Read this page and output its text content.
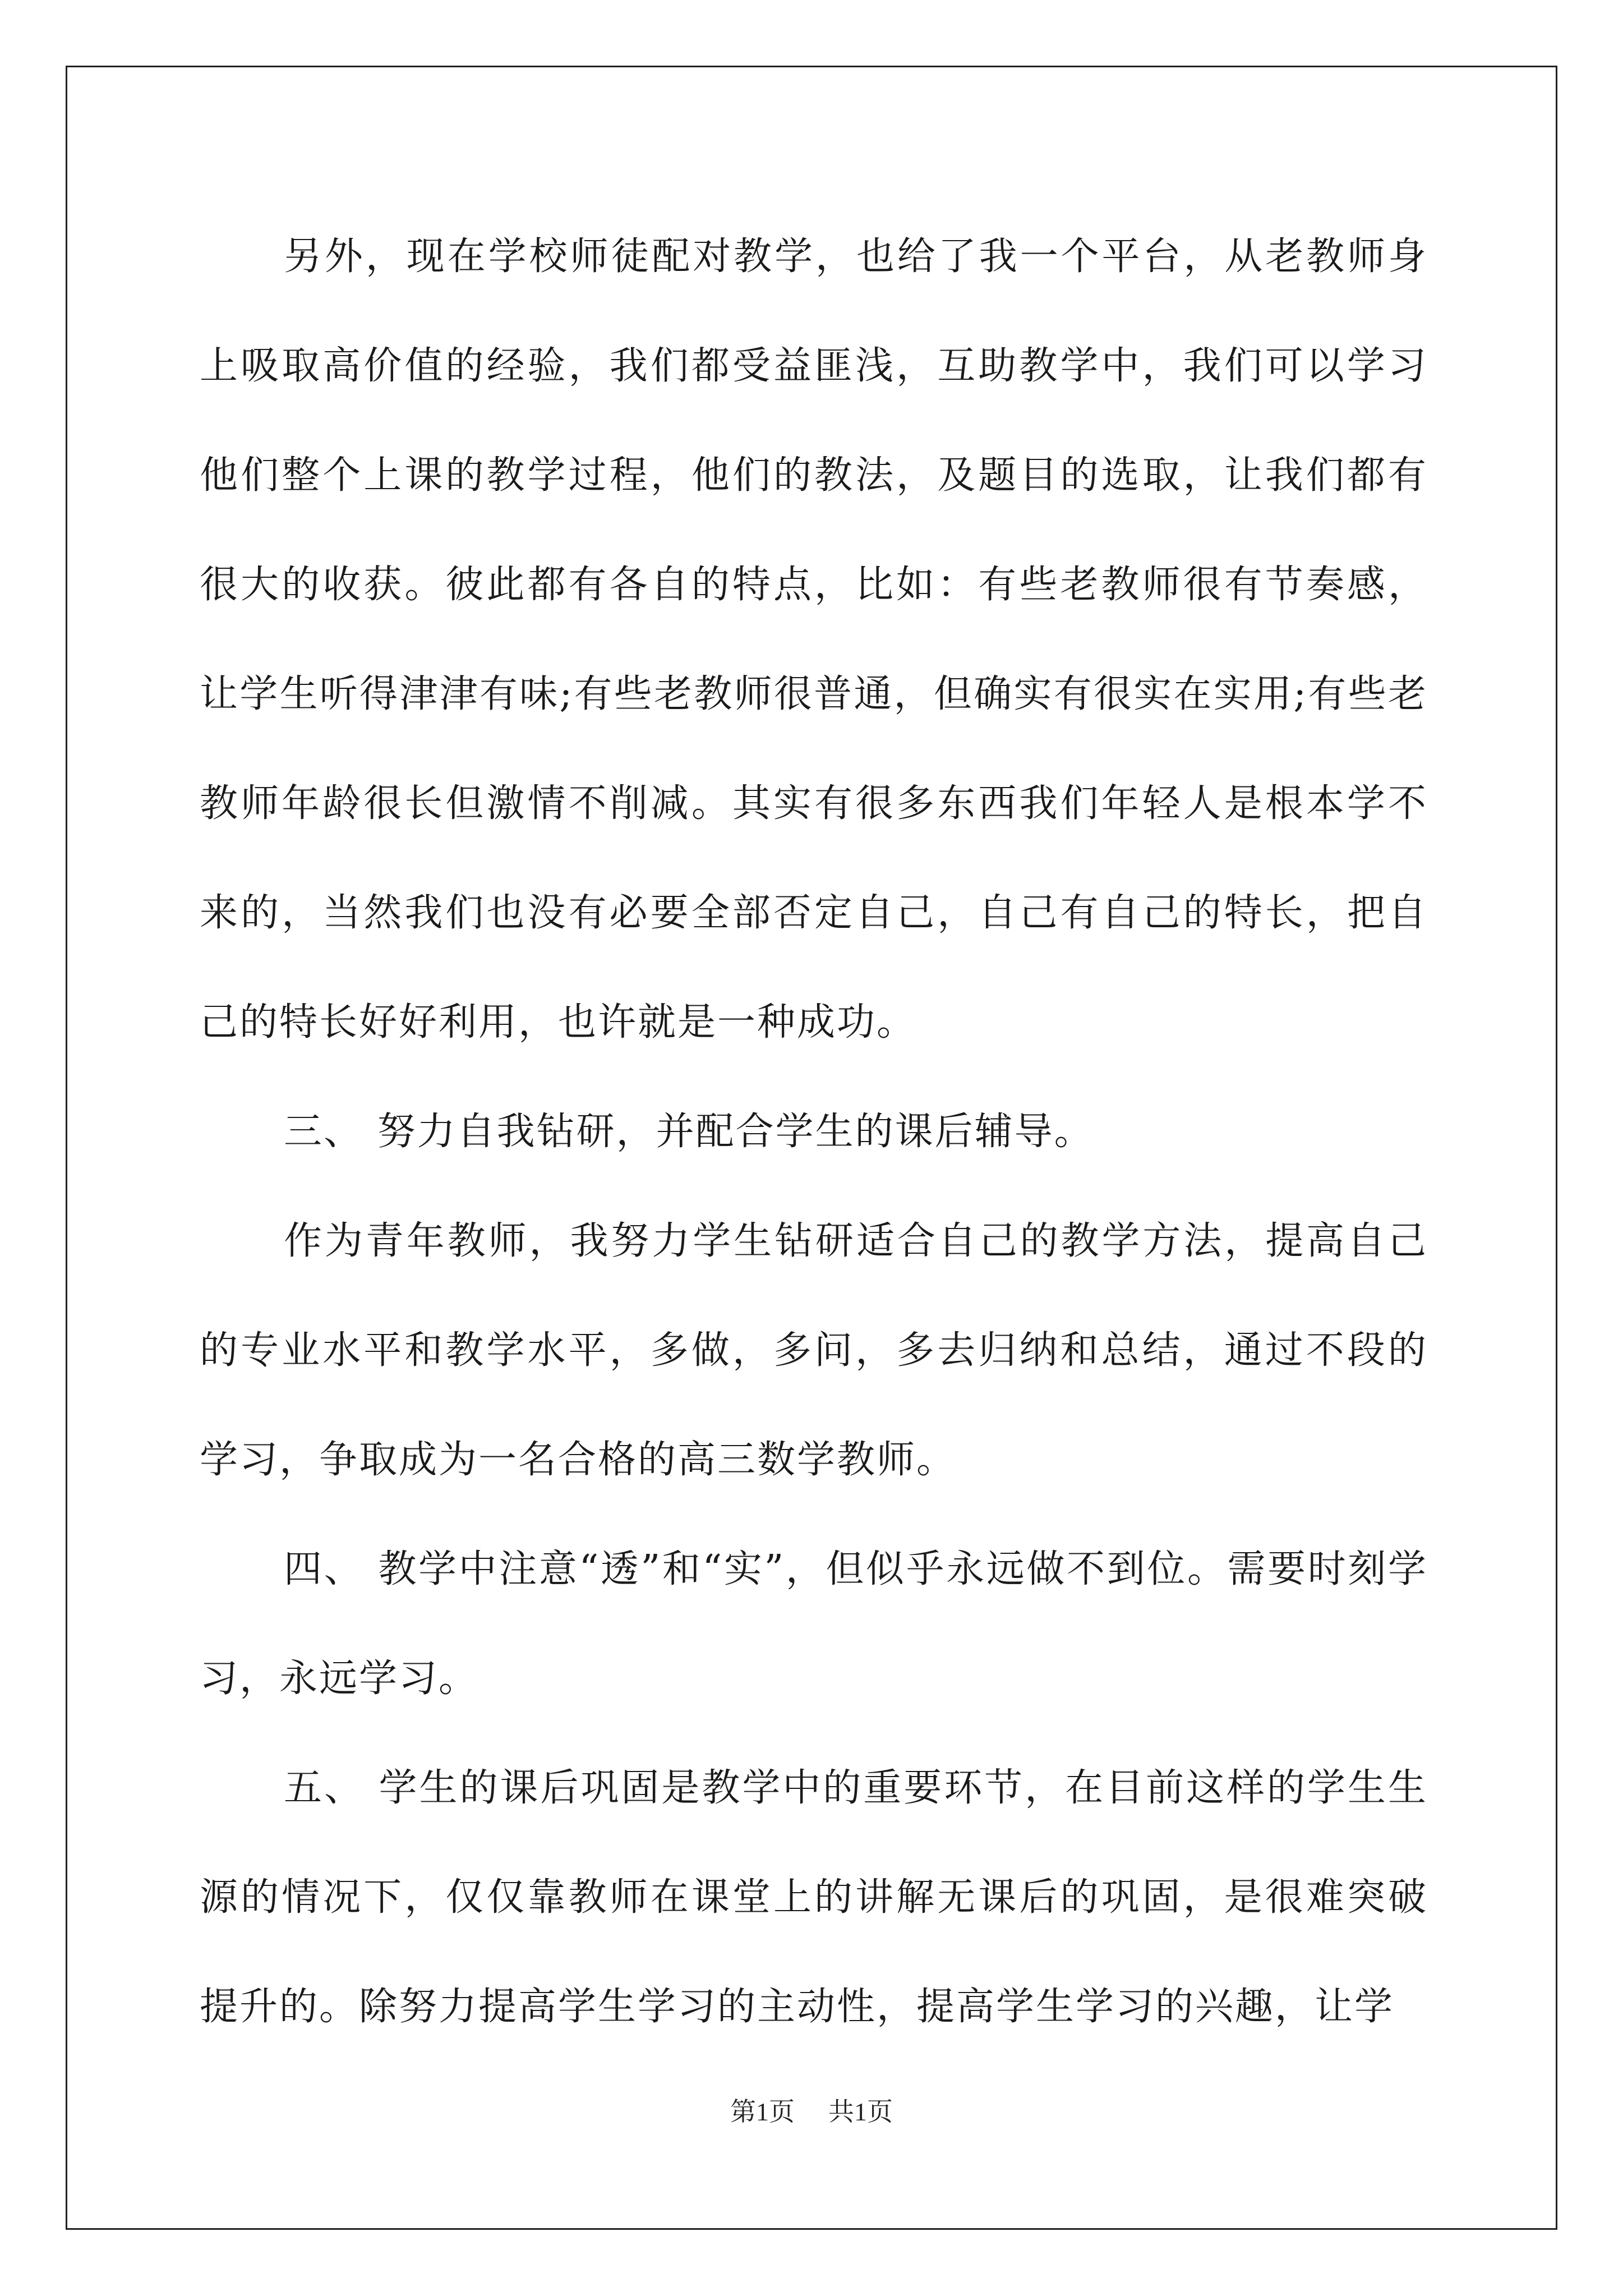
另外，现在学校师徒配对教学，也给了我一个平台，从老教师身上吸取高价值的经验，我们都受益匪浅，互助教学中，我们可以学习他们整个上课的教学过程，他们的教法，及题目的选取，让我们都有很大的收获。彼此都有各自的特点，比如：有些老教师很有节奏感，让学生听得津津有味;有些老教师很普通，但确实有很实在实用;有些老教师年龄很长但激情不削减。其实有很多东西我们年轻人是根本学不来的，当然我们也没有必要全部否定自己，自己有自己的特长，把自己的特长好好利用，也许就是一种成功。

三、 努力自我钻研，并配合学生的课后辅导。

作为青年教师，我努力学生钻研适合自己的教学方法，提高自己的专业水平和教学水平，多做，多问，多去归纳和总结，通过不段的学习，争取成为一名合格的高三数学教师。

四、 教学中注意“透”和“实”，但似乎永远做不到位。需要时刻学习，永远学习。

五、 学生的课后巩固是教学中的重要环节，在目前这样的学生生源的情况下，仅仅靠教师在课堂上的讲解无课后的巩固，是很难突破提升的。除努力提高学生学习的主动性，提高学生学习的兴趣，让学

第1页 共1页
